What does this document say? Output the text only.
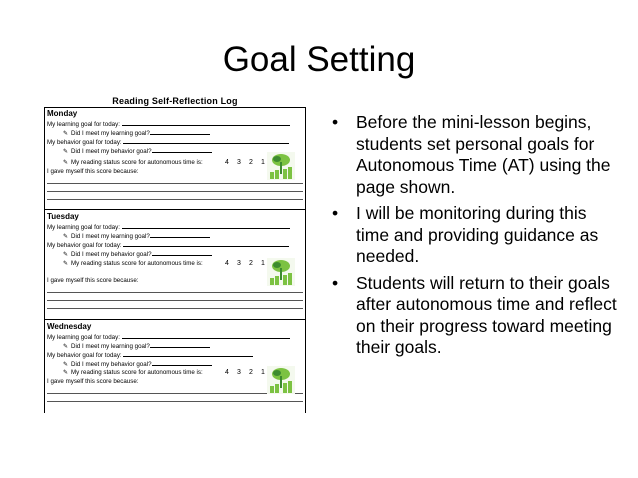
Goal Setting
Reading Self-Reflection Log
Monday
My learning goal for today:
✎ Did I meet my learning goal?
My behavior goal for today:
✎ Did I meet my behavior goal?
✎ My reading status score for autonomous time is:	4 3 2 1
I gave myself this score because:
Tuesday
My learning goal for today:
✎ Did I meet my learning goal?
My behavior goal for today:
✎ Did I meet my behavior goal?
✎ My reading status score for autonomous time is:	4 3 2 1
I gave myself this score because:
Wednesday
My learning goal for today:
✎ Did I meet my learning goal?
My behavior goal for today:
✎ Did I meet my behavior goal?
✎ My reading status score for autonomous time is:	4 3 2 1
I gave myself this score because:
• Before the mini-lesson begins, students set personal goals for Autonomous Time (AT) using the page shown.
• I will be monitoring during this time and providing guidance as needed.
• Students will return to their goals after autonomous time and reflect on their progress toward meeting their goals.
